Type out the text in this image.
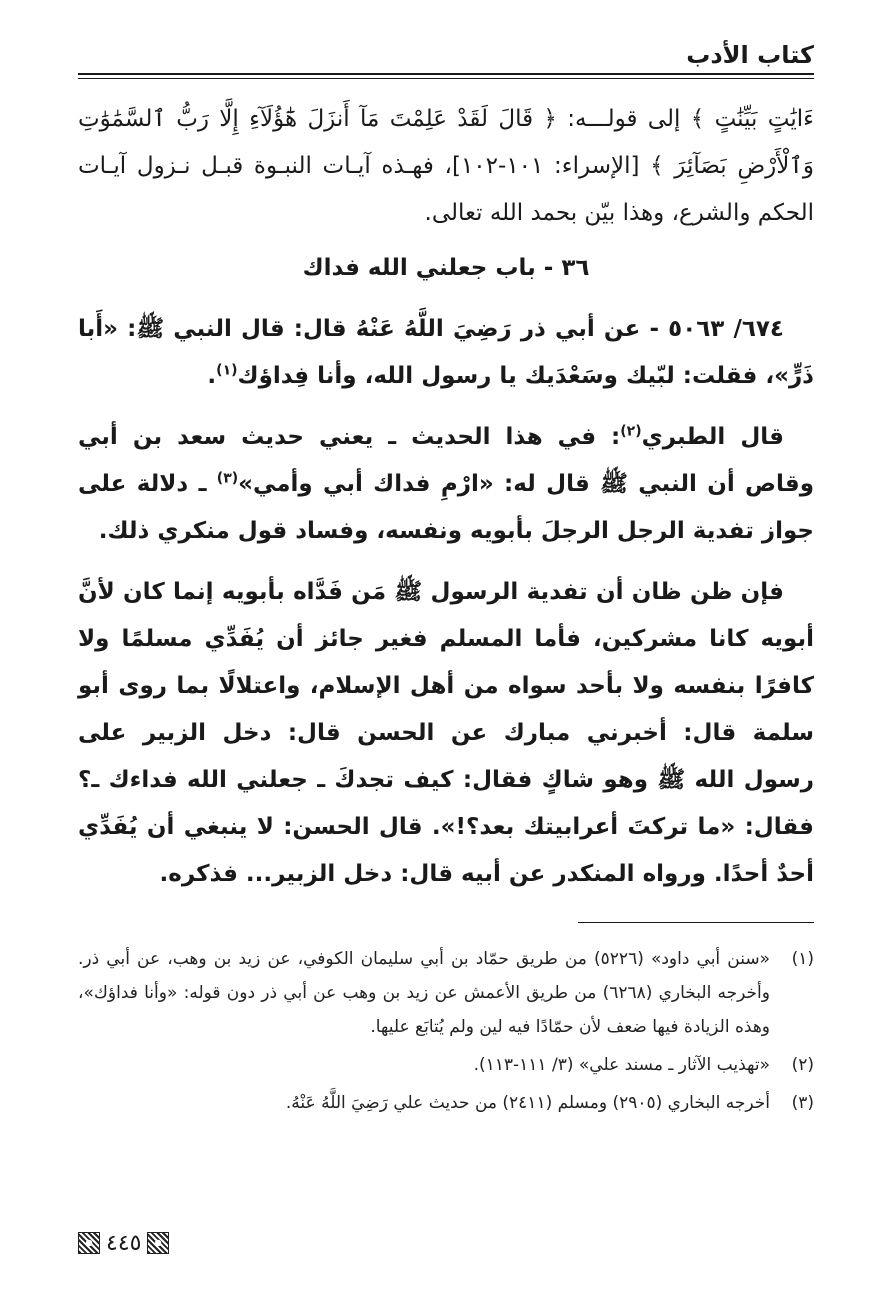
كتاب الأدب

ءَايَٰتٍ بَيِّنَٰتٍ ﴾ إلى قولـــه: ﴿ قَالَ لَقَدْ عَلِمْتَ مَآ أَنزَلَ هَٰٓؤُلَآءِ إِلَّا رَبُّ ٱلسَّمَٰوَٰتِ وَٱلْأَرْضِ بَصَآئِرَ ﴾ [الإسراء: ١٠١-١٠٢]، فهـذه آيـات النبـوة قبـل نـزول آيـات الحكم والشرع، وهذا بيّن بحمد الله تعالى.

٣٦ - باب جعلني الله فداك

٦٧٤/ ٥٠٦٣ - عن أبي ذر رَضِيَ اللَّهُ عَنْهُ قال: قال النبي ﷺ: «أَبا ذَرٍّ»، فقلت: لبّيك وسَعْدَيك يا رسول الله، وأنا فِداؤك$^{(١)}$.

قال الطبري$^{(٢)}$: في هذا الحديث ـ يعني حديث سعد بن أبي وقاص أن النبي ﷺ قال له: «ارْمِ فداك أبي وأمي»$^{(٣)}$ ـ دلالة على جواز تفدية الرجل الرجلَ بأبويه ونفسه، وفساد قول منكري ذلك.

فإن ظن ظان أن تفدية الرسول ﷺ مَن فَدَّاه بأبويه إنما كان لأنَّ أبويه كانا مشركين، فأما المسلم فغير جائز أن يُفَدِّي مسلمًا ولا كافرًا بنفسه ولا بأحد سواه من أهل الإسلام، واعتلالًا بما روى أبو سلمة قال: أخبرني مبارك عن الحسن قال: دخل الزبير على رسول الله ﷺ وهو شاكٍ فقال: كيف تجدكَ ـ جعلني الله فداءك ـ؟ فقال: «ما تركتَ أعرابيتك بعد؟!». قال الحسن: لا ينبغي أن يُفَدِّي أحدٌ أحدًا. ورواه المنكدر عن أبيه قال: دخل الزبير... فذكره.

(١)
«سنن أبي داود» (٥٢٢٦) من طريق حمّاد بن أبي سليمان الكوفي، عن زيد بن وهب، عن أبي ذر. وأخرجه البخاري (٦٢٦٨) من طريق الأعمش عن زيد بن وهب عن أبي ذر دون قوله: «وأنا فداؤك»، وهذه الزيادة فيها ضعف لأن حمّادًا فيه لين ولم يُتابَع عليها.
(٢)
«تهذيب الآثار ـ مسند علي» (٣/ ١١١-١١٣).
(٣)
أخرجه البخاري (٢٩٠٥) ومسلم (٢٤١١) من حديث علي رَضِيَ اللَّهُ عَنْهُ.
٤٤٥
